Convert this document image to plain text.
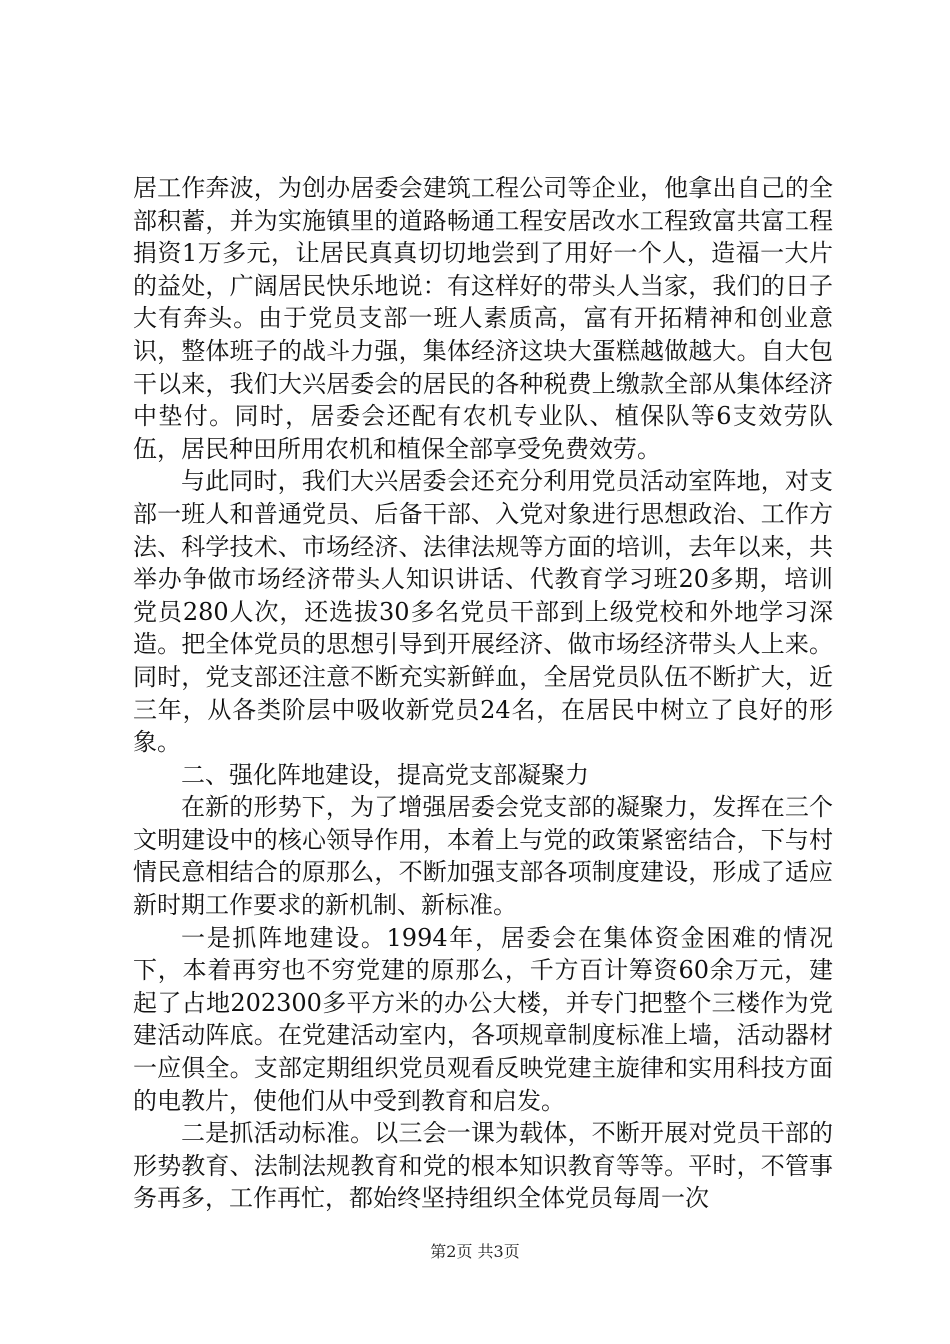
居工作奔波，为创办居委会建筑工程公司等企业，他拿出自己的全部积蓄，并为实施镇里的道路畅通工程安居改水工程致富共富工程捐资1万多元，让居民真真切切地尝到了用好一个人，造福一大片的益处，广阔居民快乐地说：有这样好的带头人当家，我们的日子大有奔头。由于党员支部一班人素质高，富有开拓精神和创业意识，整体班子的战斗力强，集体经济这块大蛋糕越做越大。自大包干以来，我们大兴居委会的居民的各种税费上缴款全部从集体经济中垫付。同时，居委会还配有农机专业队、植保队等6支效劳队伍，居民种田所用农机和植保全部享受免费效劳。

与此同时，我们大兴居委会还充分利用党员活动室阵地，对支部一班人和普通党员、后备干部、入党对象进行思想政治、工作方法、科学技术、市场经济、法律法规等方面的培训，去年以来，共举办争做市场经济带头人知识讲话、代教育学习班20多期，培训党员280人次，还选拔30多名党员干部到上级党校和外地学习深造。把全体党员的思想引导到开展经济、做市场经济带头人上来。同时，党支部还注意不断充实新鲜血，全居党员队伍不断扩大，近三年，从各类阶层中吸收新党员24名，在居民中树立了良好的形象。

二、强化阵地建设，提高党支部凝聚力

在新的形势下，为了增强居委会党支部的凝聚力，发挥在三个文明建设中的核心领导作用，本着上与党的政策紧密结合，下与村情民意相结合的原那么，不断加强支部各项制度建设，形成了适应新时期工作要求的新机制、新标准。

一是抓阵地建设。1994年，居委会在集体资金困难的情况下，本着再穷也不穷党建的原那么，千方百计筹资60余万元，建起了占地202300多平方米的办公大楼，并专门把整个三楼作为党建活动阵底。在党建活动室内，各项规章制度标准上墙，活动器材一应俱全。支部定期组织党员观看反映党建主旋律和实用科技方面的电教片，使他们从中受到教育和启发。

二是抓活动标准。以三会一课为载体，不断开展对党员干部的形势教育、法制法规教育和党的根本知识教育等等。平时，不管事务再多，工作再忙，都始终坚持组织全体党员每周一次

第2页 共3页
